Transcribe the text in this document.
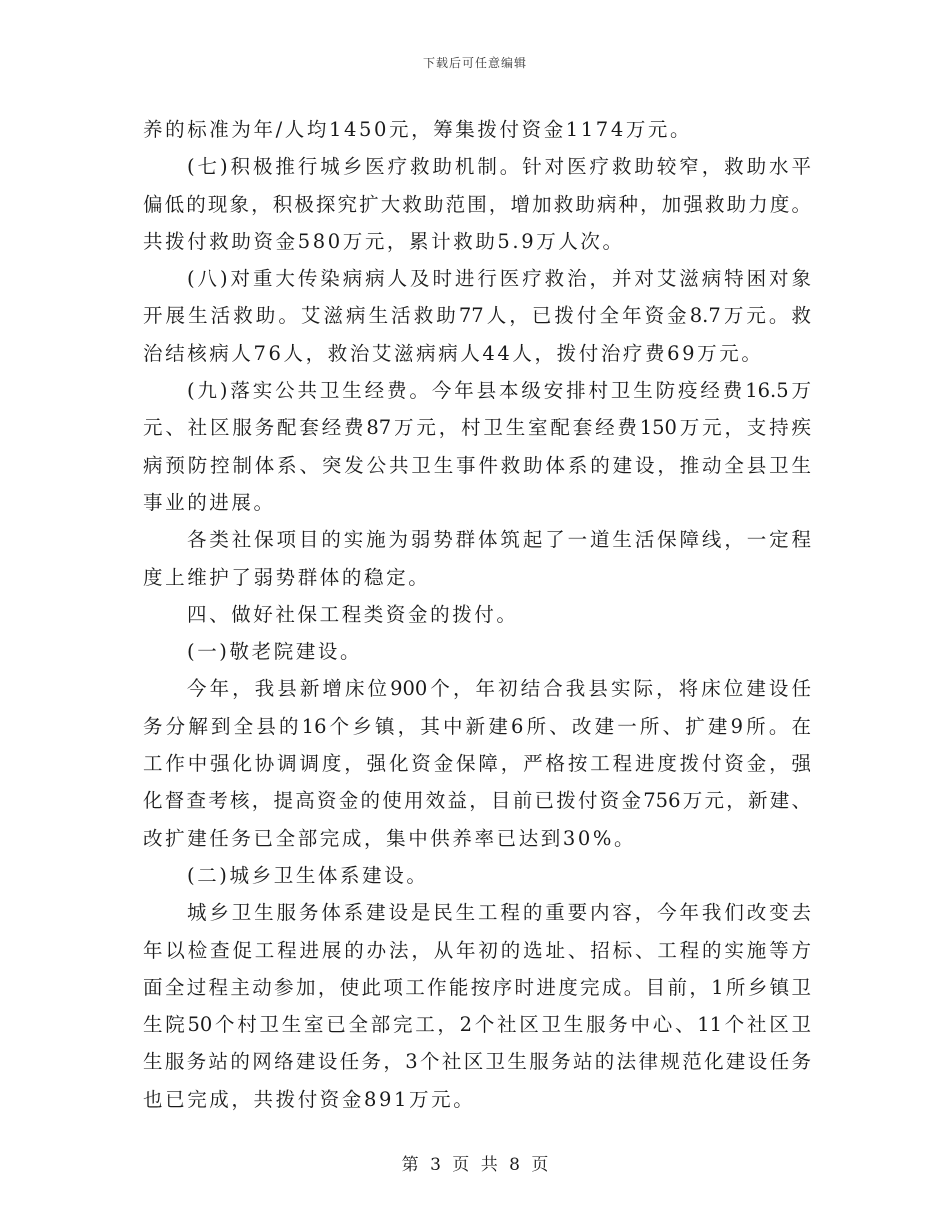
下载后可任意编辑
养的标准为年/人均1450元，筹集拨付资金1174万元。
(七)积极推行城乡医疗救助机制。针对医疗救助较窄，救助水平
偏低的现象，积极探究扩大救助范围，增加救助病种，加强救助力度。
共拨付救助资金580万元，累计救助5.9万人次。
(八)对重大传染病病人及时进行医疗救治，并对艾滋病特困对象
开展生活救助。艾滋病生活救助77人，已拨付全年资金8.7万元。救
治结核病人76人，救治艾滋病病人44人，拨付治疗费69万元。
(九)落实公共卫生经费。今年县本级安排村卫生防疫经费16.5万
元、社区服务配套经费87万元，村卫生室配套经费150万元，支持疾
病预防控制体系、突发公共卫生事件救助体系的建设，推动全县卫生
事业的进展。
各类社保项目的实施为弱势群体筑起了一道生活保障线，一定程
度上维护了弱势群体的稳定。
四、做好社保工程类资金的拨付。
(一)敬老院建设。
今年，我县新增床位900个，年初结合我县实际，将床位建设任
务分解到全县的16个乡镇，其中新建6所、改建一所、扩建9所。在
工作中强化协调调度，强化资金保障，严格按工程进度拨付资金，强
化督查考核，提高资金的使用效益，目前已拨付资金756万元，新建、
改扩建任务已全部完成，集中供养率已达到30%。
(二)城乡卫生体系建设。
城乡卫生服务体系建设是民生工程的重要内容，今年我们改变去
年以检查促工程进展的办法，从年初的选址、招标、工程的实施等方
面全过程主动参加，使此项工作能按序时进度完成。目前，1所乡镇卫
生院50个村卫生室已全部完工，2个社区卫生服务中心、11个社区卫
生服务站的网络建设任务，3个社区卫生服务站的法律规范化建设任务
也已完成，共拨付资金891万元。
第 3 页 共 8 页
